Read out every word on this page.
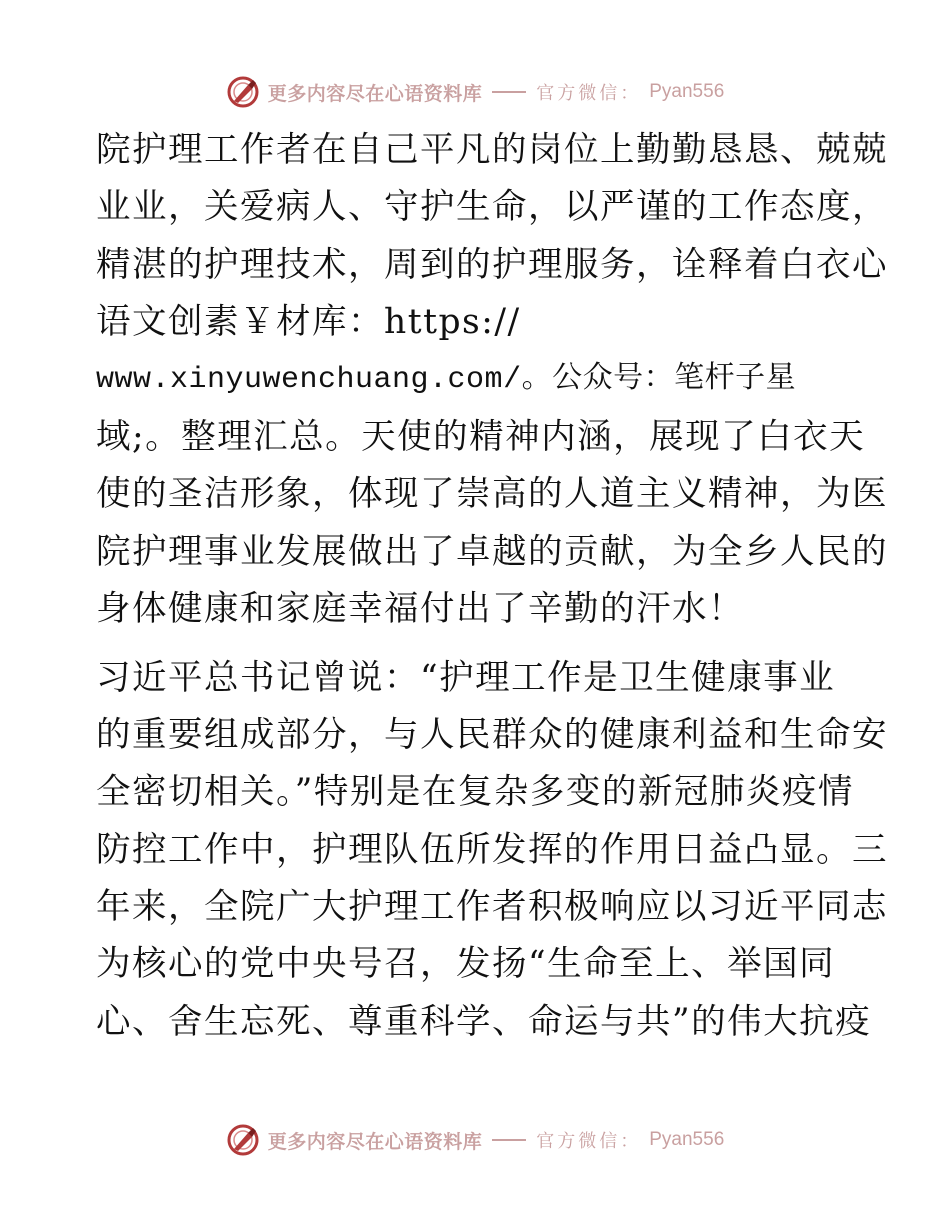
更多内容尽在心语资料库	官方微信： Pyan556
院护理工作者在自己平凡的岗位上勤勤恳恳、兢兢
业业，关爱病人、守护生命，以严谨的工作态度，
精湛的护理技术，周到的护理服务，诠释着白衣心
语文创素￥材库：https://
www.xinyuwenchuang.com/。公众号：笔杆子星
域;。整理汇总。天使的精神内涵，展现了白衣天
使的圣洁形象，体现了崇高的人道主义精神，为医
院护理事业发展做出了卓越的贡献，为全乡人民的
身体健康和家庭幸福付出了辛勤的汗水！
习近平总书记曾说：“护理工作是卫生健康事业
的重要组成部分，与人民群众的健康利益和生命安
全密切相关。”特别是在复杂多变的新冠肺炎疫情
防控工作中，护理队伍所发挥的作用日益凸显。三
年来，全院广大护理工作者积极响应以习近平同志
为核心的党中央号召，发扬“生命至上、举国同
心、舍生忘死、尊重科学、命运与共”的伟大抗疫
更多内容尽在心语资料库	官方微信： Pyan556
